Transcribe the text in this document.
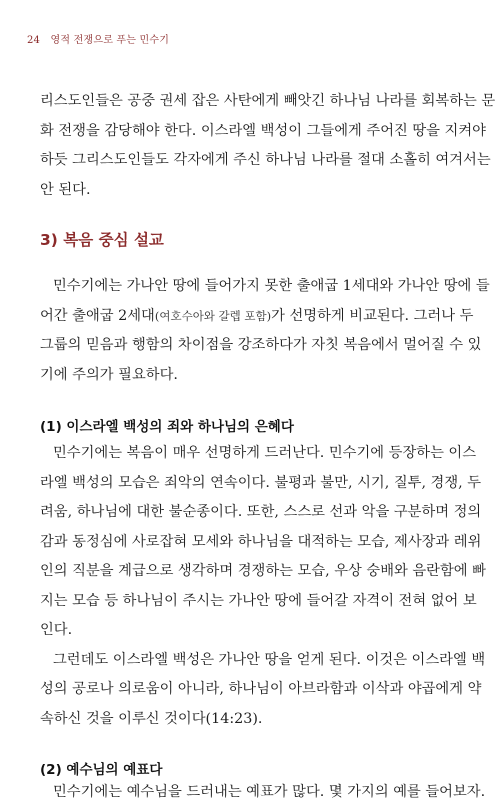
24 영적 전쟁으로 푸는 민수기
리스도인들은 공중 권세 잡은 사탄에게 빼앗긴 하나님 나라를 회복하는 문
화 전쟁을 감당해야 한다. 이스라엘 백성이 그들에게 주어진 땅을 지켜야
하듯 그리스도인들도 각자에게 주신 하나님 나라를 절대 소홀히 여겨서는
안 된다.
3) 복음 중심 설교
민수기에는 가나안 땅에 들어가지 못한 출애굽 1세대와 가나안 땅에 들
어간 출애굽 2세대(여호수아와 갈렙 포함)가 선명하게 비교된다. 그러나 두
그룹의 믿음과 행함의 차이점을 강조하다가 자칫 복음에서 멀어질 수 있
기에 주의가 필요하다.
(1) 이스라엘 백성의 죄와 하나님의 은혜다
민수기에는 복음이 매우 선명하게 드러난다. 민수기에 등장하는 이스
라엘 백성의 모습은 죄악의 연속이다. 불평과 불만, 시기, 질투, 경쟁, 두
려움, 하나님에 대한 불순종이다. 또한, 스스로 선과 악을 구분하며 정의
감과 동정심에 사로잡혀 모세와 하나님을 대적하는 모습, 제사장과 레위
인의 직분을 계급으로 생각하며 경쟁하는 모습, 우상 숭배와 음란함에 빠
지는 모습 등 하나님이 주시는 가나안 땅에 들어갈 자격이 전혀 없어 보
인다.
그런데도 이스라엘 백성은 가나안 땅을 얻게 된다. 이것은 이스라엘 백
성의 공로나 의로움이 아니라, 하나님이 아브라함과 이삭과 야곱에게 약
속하신 것을 이루신 것이다(14:23).
(2) 예수님의 예표다
민수기에는 예수님을 드러내는 예표가 많다. 몇 가지의 예를 들어보자.
